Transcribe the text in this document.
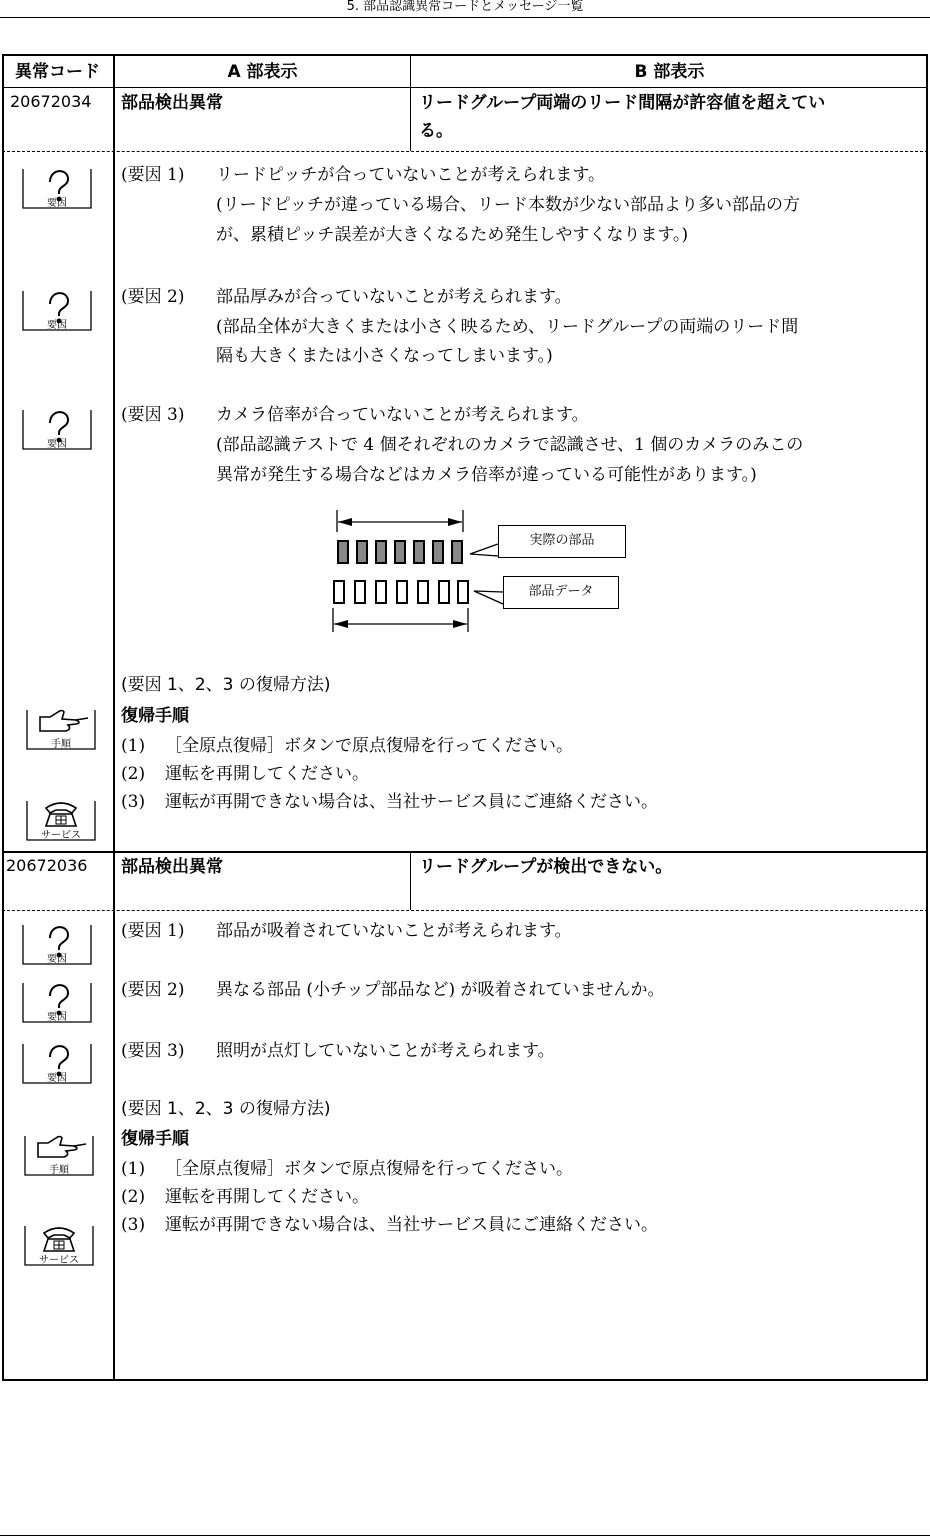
5. 部品認識異常コードとメッセージ一覧
異常コード	A 部表示	B 部表示
20672034 部品検出異常	リードグループ両端のリード間隔が許容値を超えてい
る。
要因
要因
要因
(要因 1) リードピッチが合っていないことが考えられます。
(リードピッチが違っている場合、リード本数が少ない部品より多い部品の方
が、累積ピッチ誤差が大きくなるため発生しやすくなります。)
(要因 2) 部品厚みが合っていないことが考えられます。
(部品全体が大きくまたは小さく映るため、リードグループの両端のリード間
隔も大きくまたは小さくなってしまいます。)
(要因 3) カメラ倍率が合っていないことが考えられます。
(部品認識テストで 4 個それぞれのカメラで認識させ、1 個のカメラのみこの
異常が発生する場合などはカメラ倍率が違っている可能性があります。)
実際の部品
部品データ
(要因 1、2、3 の復帰方法)
復帰手順
(1) ［全原点復帰］ボタンで原点復帰を行ってください。
(2) 運転を再開してください。
(3) 運転が再開できない場合は、当社サービス員にご連絡ください。
手順
サービス
20672036 部品検出異常	リードグループが検出できない。
要因
要因
要因
(要因 1) 部品が吸着されていないことが考えられます。
(要因 2) 異なる部品 (小チップ部品など) が吸着されていませんか。
(要因 3) 照明が点灯していないことが考えられます。
(要因 1、2、3 の復帰方法)
復帰手順
(1) ［全原点復帰］ボタンで原点復帰を行ってください。
(2) 運転を再開してください。
(3) 運転が再開できない場合は、当社サービス員にご連絡ください。
手順
サービス
